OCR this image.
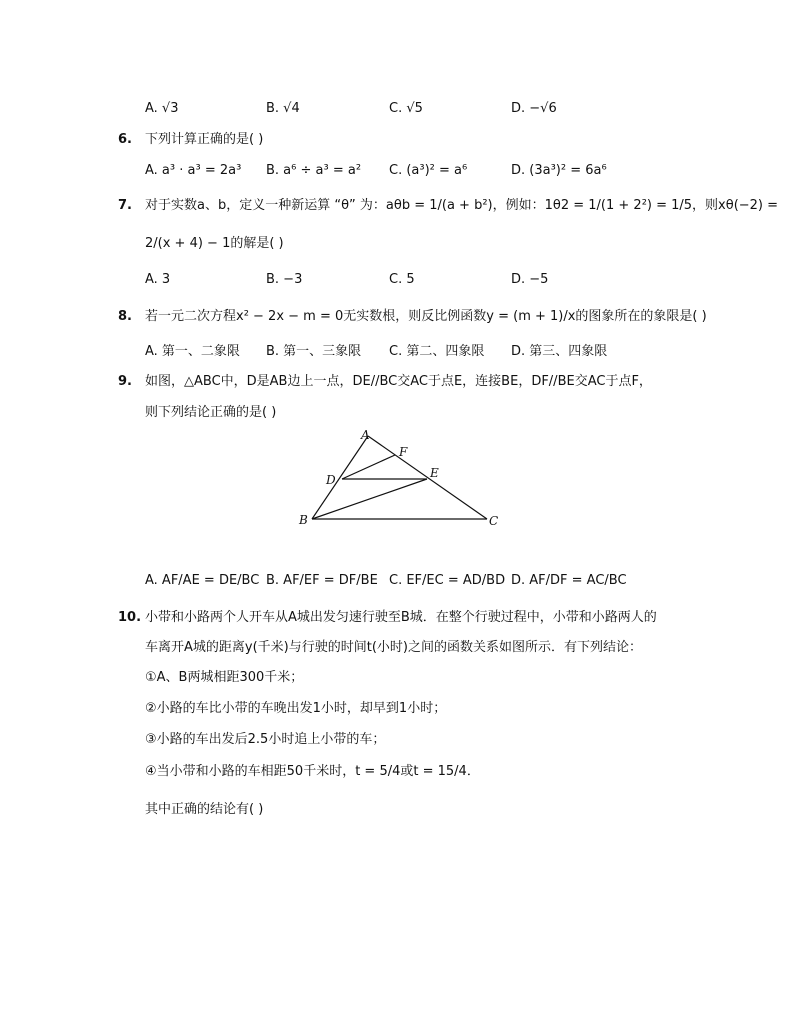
A. √3	B. √4	C. √5	D. −√6
6. 下列计算正确的是( )
A. a³ · a³ = 2a³ B. a⁶ ÷ a³ = a² C. (a³)² = a⁶	D. (3a³)² = 6a⁶
7. 对于实数a、b，定义一种新运算 “θ” 为：aθb = 1/(a + b²)，例如：1θ2 = 1/(1 + 2²) = 1/5，则xθ(−2) =
2/(x + 4) − 1的解是( )
A. 3	B. −3	C. 5	D. −5
8. 若一元二次方程x² − 2x − m = 0无实数根，则反比例函数y = (m + 1)/x的图象所在的象限是( )
A. 第一、二象限 B. 第一、三象限 C. 第二、四象限 D. 第三、四象限
9. 如图，△ABC中，D是AB边上一点，DE//BC交AC于点E，连接BE，DF//BE交AC于点F，
则下列结论正确的是( )
A
F
E
D
B	C
A. AF/AE = DE/BC B. AF/EF = DF/BE C. EF/EC = AD/BD D. AF/DF = AC/BC
10. 小带和小路两个人开车从A城出发匀速行驶至B城．在整个行驶过程中，小带和小路两人的
车离开A城的距离y(千米)与行驶的时间t(小时)之间的函数关系如图所示．有下列结论：
①A、B两城相距300千米；
②小路的车比小带的车晚出发1小时，却早到1小时；
③小路的车出发后2.5小时追上小带的车；
④当小带和小路的车相距50千米时，t = 5/4或t = 15/4．
其中正确的结论有( )
